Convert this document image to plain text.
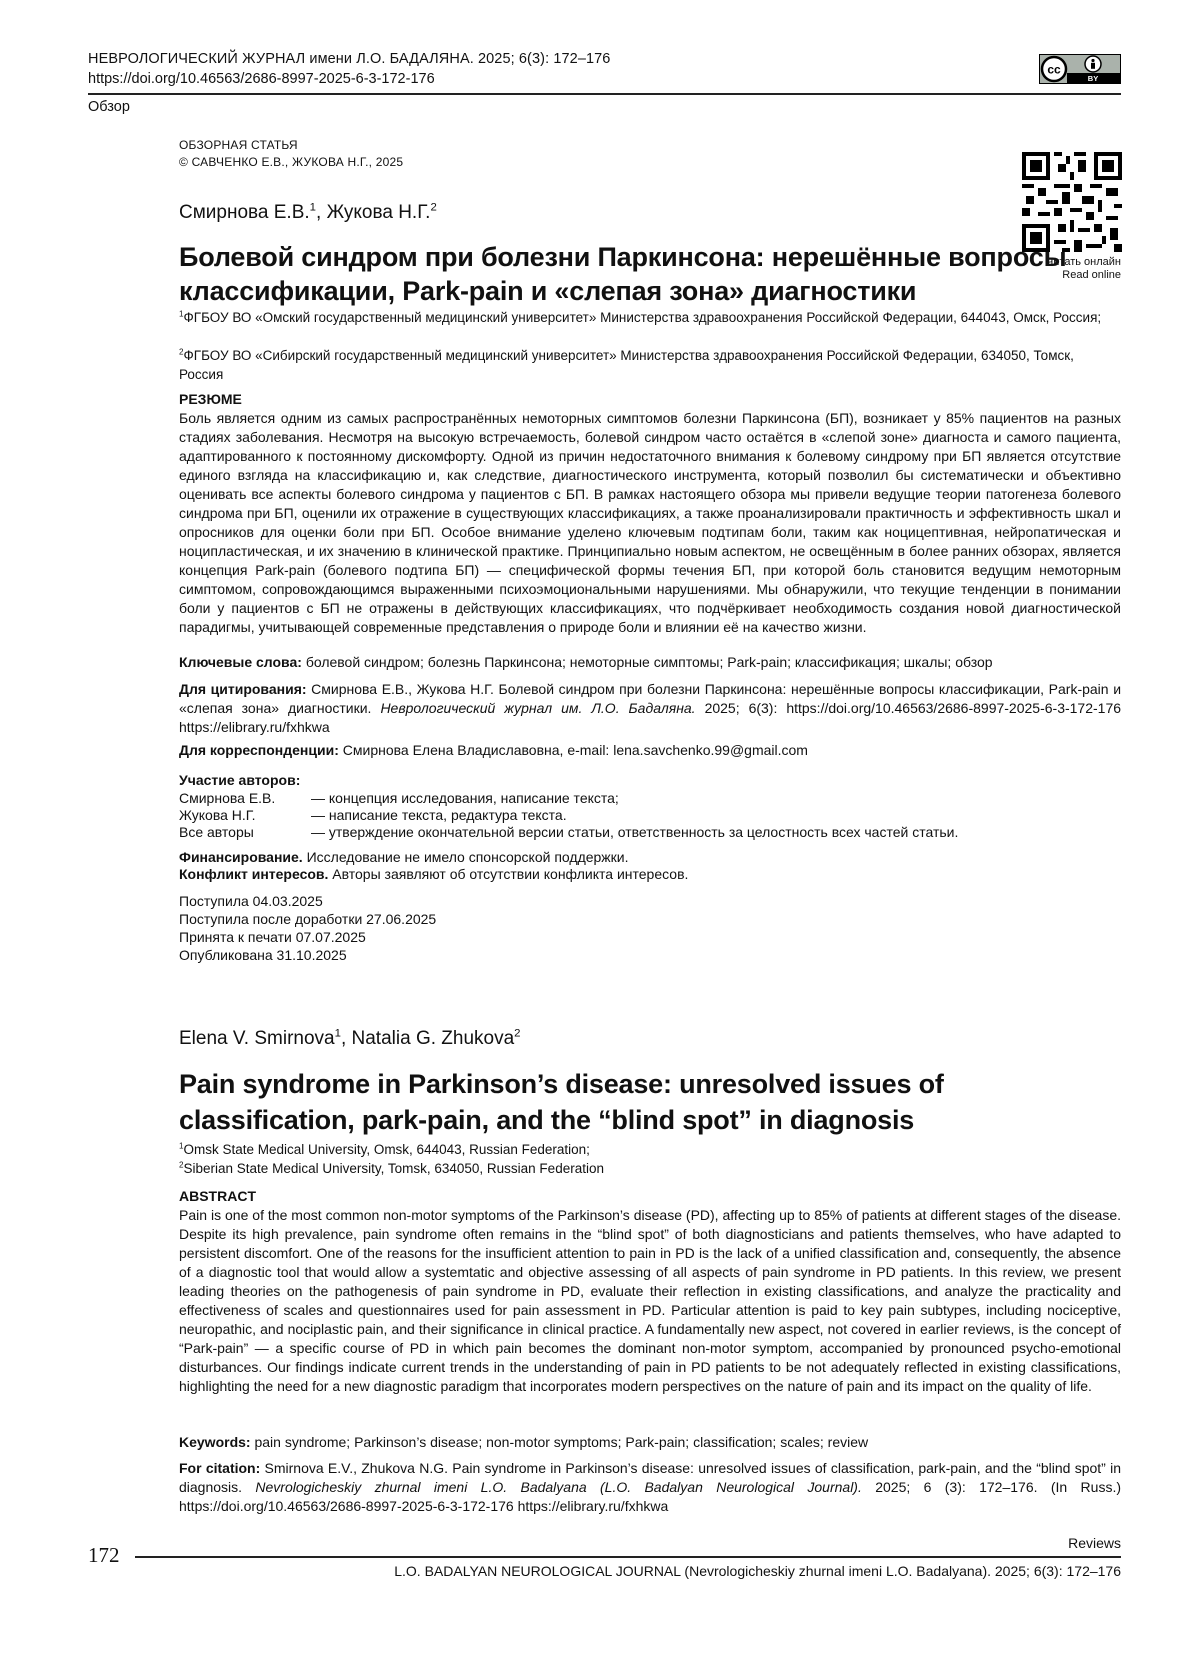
НЕВРОЛОГИЧЕСКИЙ ЖУРНАЛ имени Л.О. БАДАЛЯНА. 2025; 6(3): 172–176
https://doi.org/10.46563/2686-8997-2025-6-3-172-176
Обзор
cc
BY
ОБЗОРНАЯ СТАТЬЯ
© САВЧЕНКО Е.В., ЖУКОВА Н.Г., 2025
Читать онлайн
Read online
Смирнова Е.В.$^1$, Жукова Н.Г.$^2$
Болевой синдром при болезни Паркинсона: нерешённые вопросы классификации, Park-pain и «слепая зона» диагностики
$^1$ФГБОУ ВО «Омский государственный медицинский университет» Министерства здравоохранения Российской Федерации, 644043, Омск, Россия;
$^2$ФГБОУ ВО «Сибирский государственный медицинский университет» Министерства здравоохранения Российской Федерации, 634050, Томск, Россия
РЕЗЮМЕ
Боль является одним из самых распространённых немоторных симптомов болезни Паркинсона (БП), возникает у 85% пациентов на разных стадиях заболевания. Несмотря на высокую встречаемость, болевой синдром часто остаётся в «слепой зоне» диагноста и самого пациента, адаптированного к постоянному дискомфорту. Одной из причин недостаточного внимания к болевому синдрому при БП является отсутствие единого взгляда на классификацию и, как следствие, диагностического инструмента, который позволил бы систематически и объективно оценивать все аспекты болевого синдрома у пациентов с БП. В рамках настоящего обзора мы привели ведущие теории патогенеза болевого синдрома при БП, оценили их отражение в существующих классификациях, а также проанализировали практичность и эффективность шкал и опросников для оценки боли при БП. Особое внимание уделено ключевым подтипам боли, таким как ноцицептивная, нейропатическая и ноципластическая, и их значению в клинической практике. Принципиально новым аспектом, не освещённым в более ранних обзорах, является концепция Park-pain (болевого подтипа БП) — специфической формы течения БП, при которой боль становится ведущим немоторным симптомом, сопровождающимся выраженными психоэмоциональными нарушениями. Мы обнаружили, что текущие тенденции в понимании боли у пациентов с БП не отражены в действующих классификациях, что подчёркивает необходимость создания новой диагностической парадигмы, учитывающей современные представления о природе боли и влиянии её на качество жизни.
Ключевые слова: болевой синдром; болезнь Паркинсона; немоторные симптомы; Park-pain; классификация; шкалы; обзор
Для цитирования: Смирнова Е.В., Жукова Н.Г. Болевой синдром при болезни Паркинсона: нерешённые вопросы классификации, Park-pain и «слепая зона» диагностики. Неврологический журнал им. Л.О. Бадаляна. 2025; 6(3): https://doi.org/10.46563/2686-8997-2025-6-3-172-176 https://elibrary.ru/fxhkwa
Для корреспонденции: Смирнова Елена Владиславовна, e-mail: lena.savchenko.99@gmail.com
Участие авторов:
Смирнова Е.В.	— концепция исследования, написание текста;
Жукова Н.Г.	— написание текста, редактура текста.
Все авторы	— утверждение окончательной версии статьи, ответственность за целостность всех частей статьи.
Финансирование. Исследование не имело спонсорской поддержки.
Конфликт интересов. Авторы заявляют об отсутствии конфликта интересов.
Поступила 04.03.2025
Поступила после доработки 27.06.2025
Принята к печати 07.07.2025
Опубликована 31.10.2025
Elena V. Smirnova$^1$, Natalia G. Zhukova$^2$
Pain syndrome in Parkinson’s disease: unresolved issues of classification, park-pain, and the “blind spot” in diagnosis
$^1$Omsk State Medical University, Omsk, 644043, Russian Federation;
$^2$Siberian State Medical University, Tomsk, 634050, Russian Federation
ABSTRACT
Pain is one of the most common non-motor symptoms of the Parkinson’s disease (PD), affecting up to 85% of patients at different stages of the disease. Despite its high prevalence, pain syndrome often remains in the “blind spot” of both diagnosticians and patients themselves, who have adapted to persistent discomfort. One of the reasons for the insufficient attention to pain in PD is the lack of a unified classification and, consequently, the absence of a diagnostic tool that would allow a systemtatic and objective assessing of all aspects of pain syndrome in PD patients. In this review, we present leading theories on the pathogenesis of pain syndrome in PD, evaluate their reflection in existing classifications, and analyze the practicality and effectiveness of scales and questionnaires used for pain assessment in PD. Particular attention is paid to key pain subtypes, including nociceptive, neuropathic, and nociplastic pain, and their significance in clinical practice. A fundamentally new aspect, not covered in earlier reviews, is the concept of “Park-pain” — a specific course of PD in which pain becomes the dominant non-motor symptom, accompanied by pronounced psycho-emotional disturbances. Our findings indicate current trends in the understanding of pain in PD patients to be not adequately reflected in existing classifications, highlighting the need for a new diagnostic paradigm that incorporates modern perspectives on the nature of pain and its impact on the quality of life.
Keywords: pain syndrome; Parkinson’s disease; non-motor symptoms; Park-pain; classification; scales; review
For citation: Smirnova E.V., Zhukova N.G. Pain syndrome in Parkinson’s disease: unresolved issues of classification, park-pain, and the “blind spot” in diagnosis. Nevrologicheskiy zhurnal imeni L.O. Badalyana (L.O. Badalyan Neurological Journal). 2025; 6 (3): 172–176. (In Russ.) https://doi.org/10.46563/2686-8997-2025-6-3-172-176 https://elibrary.ru/fxhkwa
172	Reviews
L.O. BADALYAN NEUROLOGICAL JOURNAL (Nevrologicheskiy zhurnal imeni L.O. Badalyana). 2025; 6(3): 172–176
